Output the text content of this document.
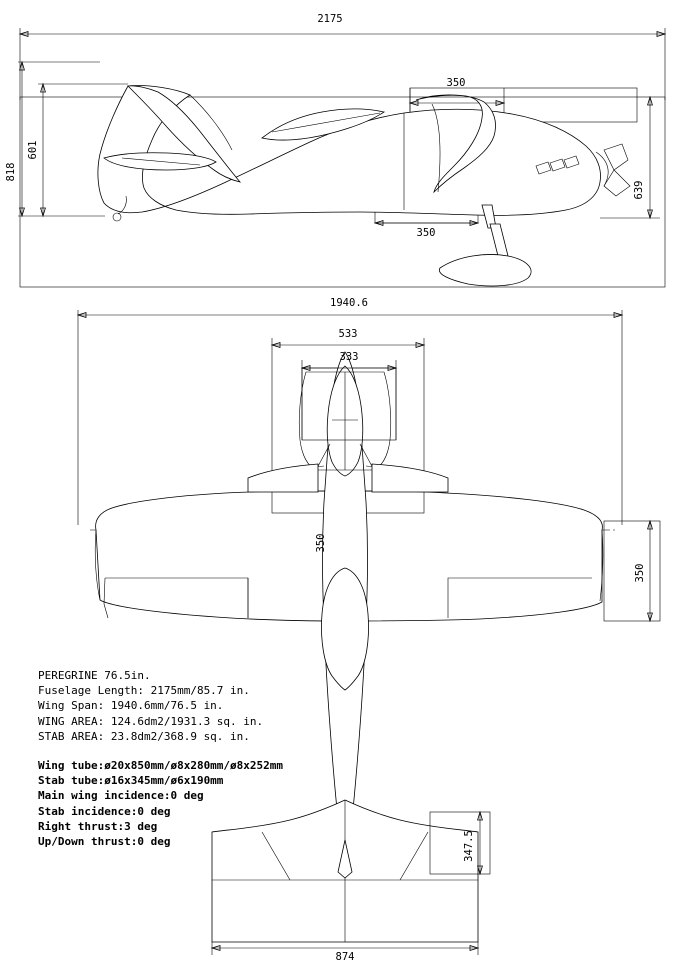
2175
350
350
1940.6
533
333
874
818
601
639
350
350
347.5
PEREGRINE 76.5in.
Fuselage Length: 2175mm/85.7 in.
Wing Span: 1940.6mm/76.5 in.
WING AREA: 124.6dm2/1931.3 sq. in.
STAB AREA: 23.8dm2/368.9 sq. in.
Wing tube:ø20x850mm/ø8x280mm/ø8x252mm
Stab tube:ø16x345mm/ø6x190mm
Main wing incidence:0 deg
Stab incidence:0 deg
Right thrust:3 deg
Up/Down thrust:0 deg
